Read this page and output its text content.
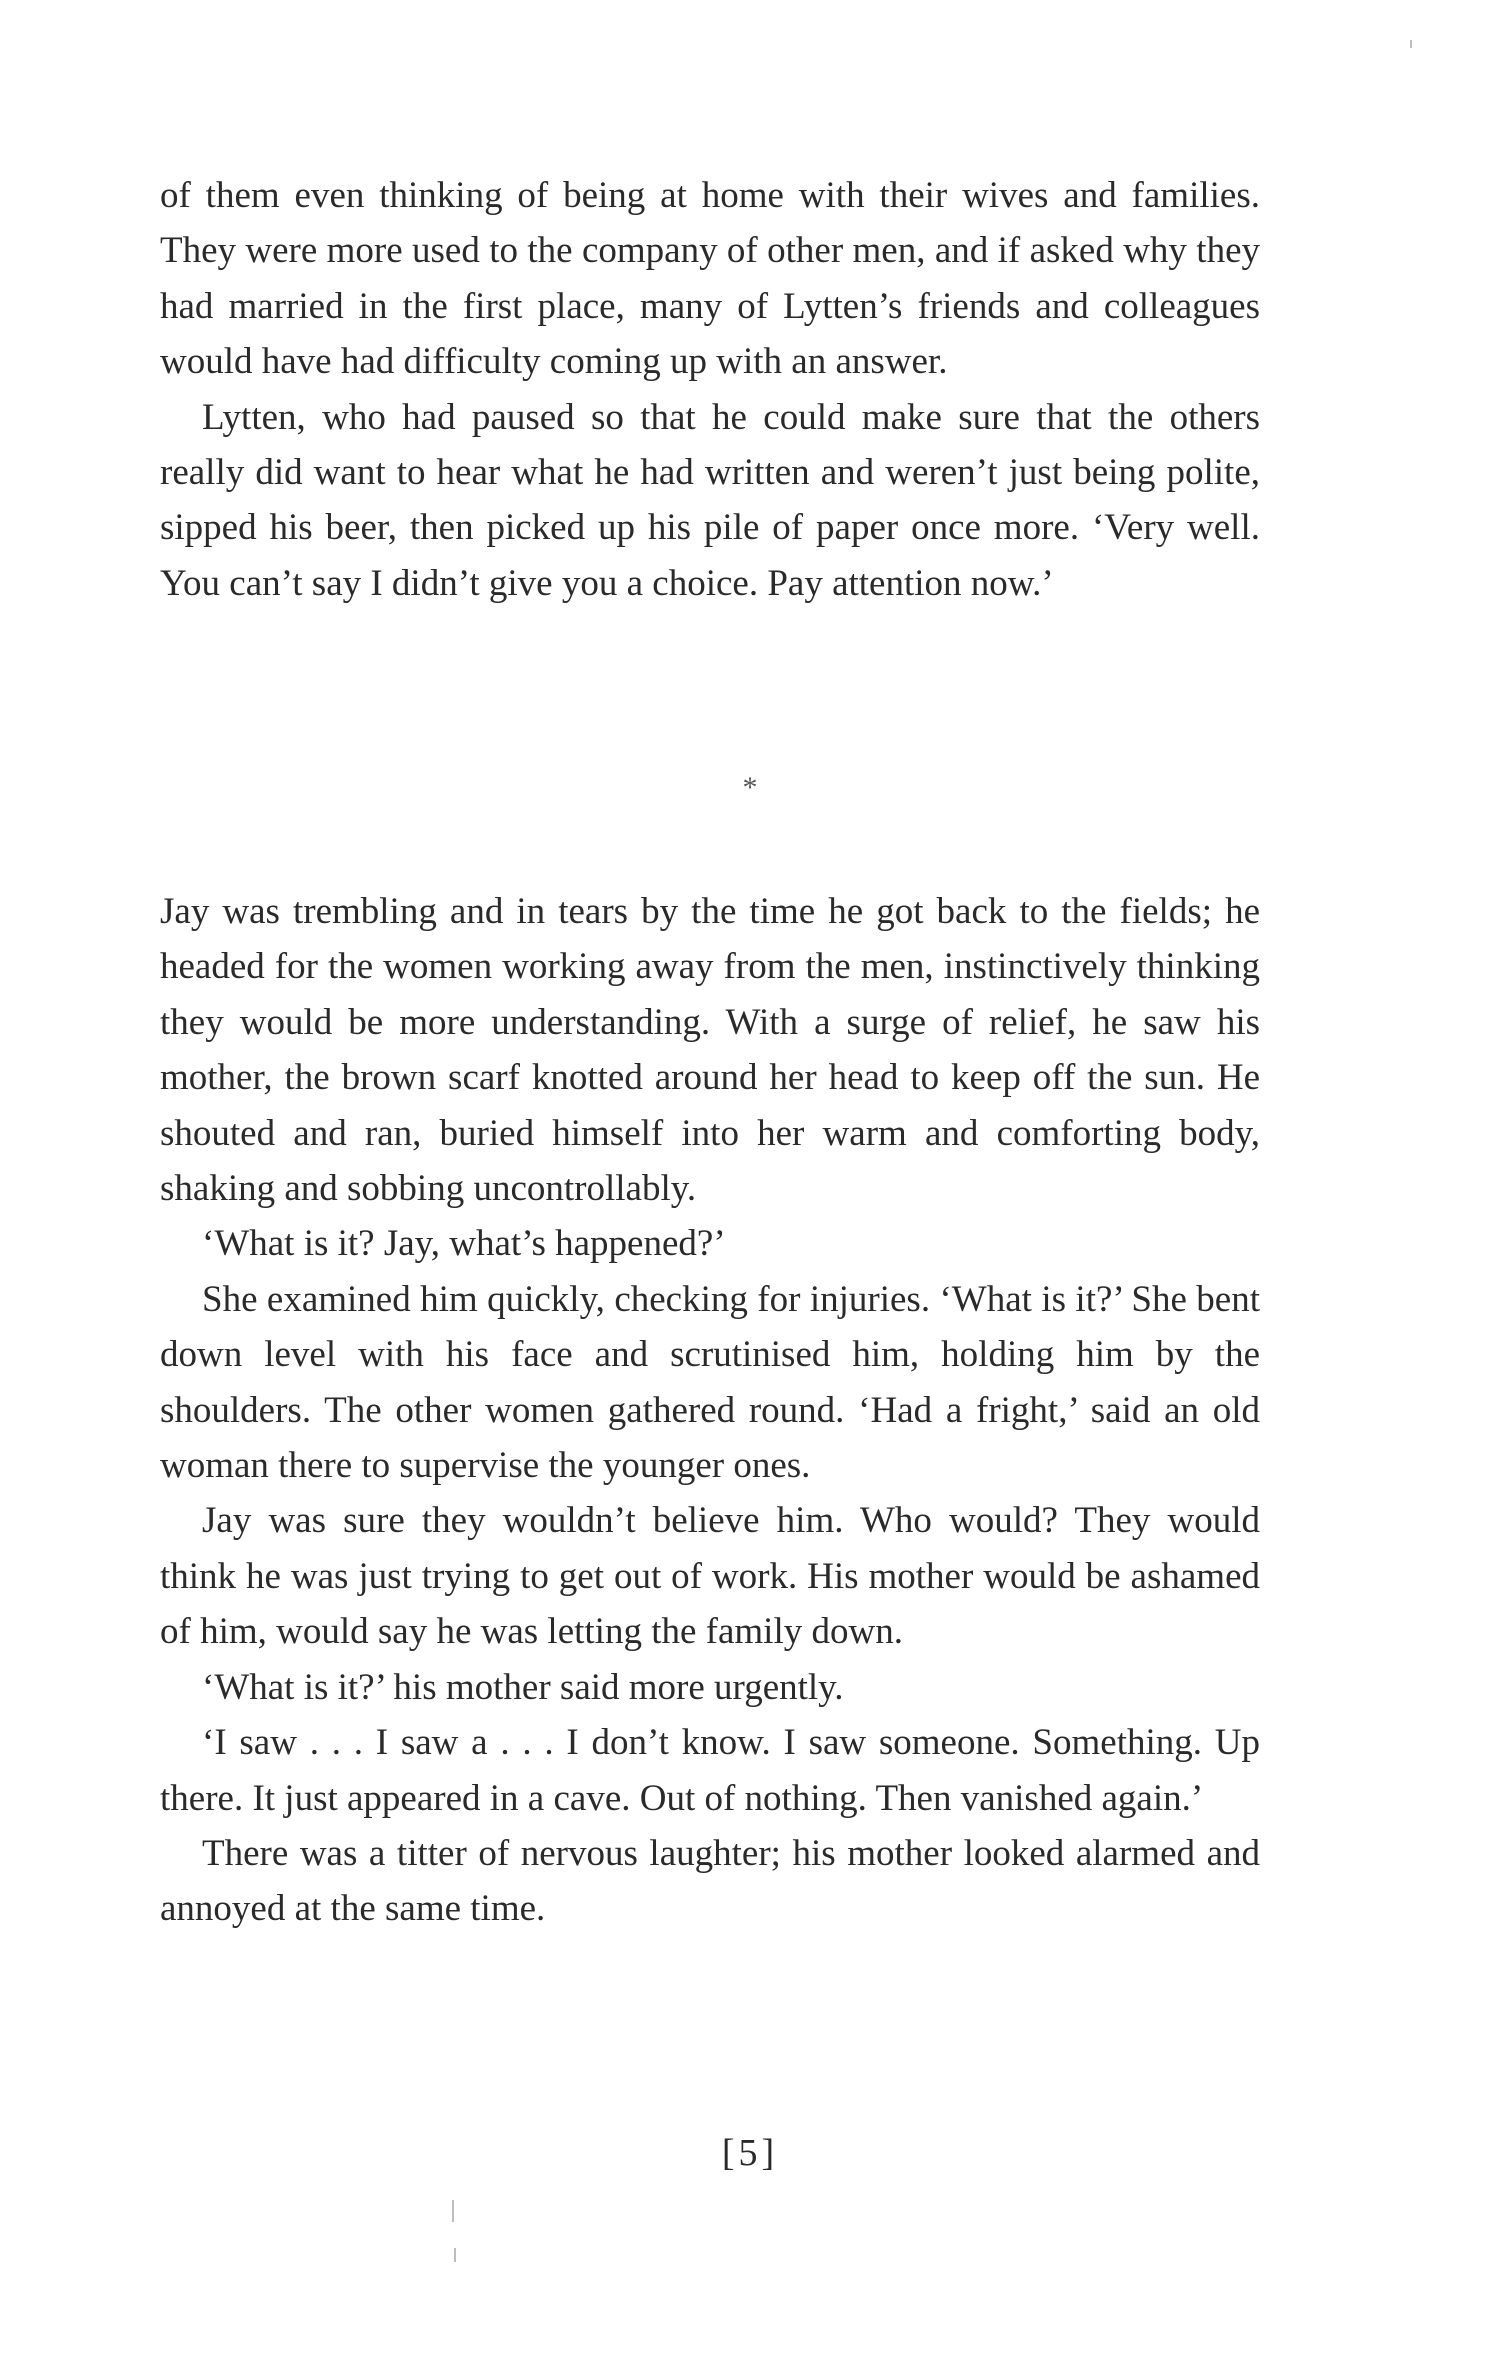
of them even thinking of being at home with their wives and families. They were more used to the company of other men, and if asked why they had married in the first place, many of Lytten’s friends and colleagues would have had difficulty coming up with an answer.

Lytten, who had paused so that he could make sure that the others really did want to hear what he had written and weren’t just being polite, sipped his beer, then picked up his pile of paper once more. ‘Very well. You can’t say I didn’t give you a choice. Pay attention now.’

*

Jay was trembling and in tears by the time he got back to the fields; he headed for the women working away from the men, instinctively thinking they would be more understanding. With a surge of relief, he saw his mother, the brown scarf knotted around her head to keep off the sun. He shouted and ran, buried himself into her warm and comforting body, shaking and sobbing uncontrollably.

‘What is it? Jay, what’s happened?’

She examined him quickly, checking for injuries. ‘What is it?’ She bent down level with his face and scrutinised him, holding him by the shoulders. The other women gathered round. ‘Had a fright,’ said an old woman there to supervise the younger ones.

Jay was sure they wouldn’t believe him. Who would? They would think he was just trying to get out of work. His mother would be ashamed of him, would say he was letting the family down.

‘What is it?’ his mother said more urgently.

‘I saw . . . I saw a . . . I don’t know. I saw someone. Something. Up there. It just appeared in a cave. Out of nothing. Then vanished again.’

There was a titter of nervous laughter; his mother looked alarmed and annoyed at the same time.

[5]
